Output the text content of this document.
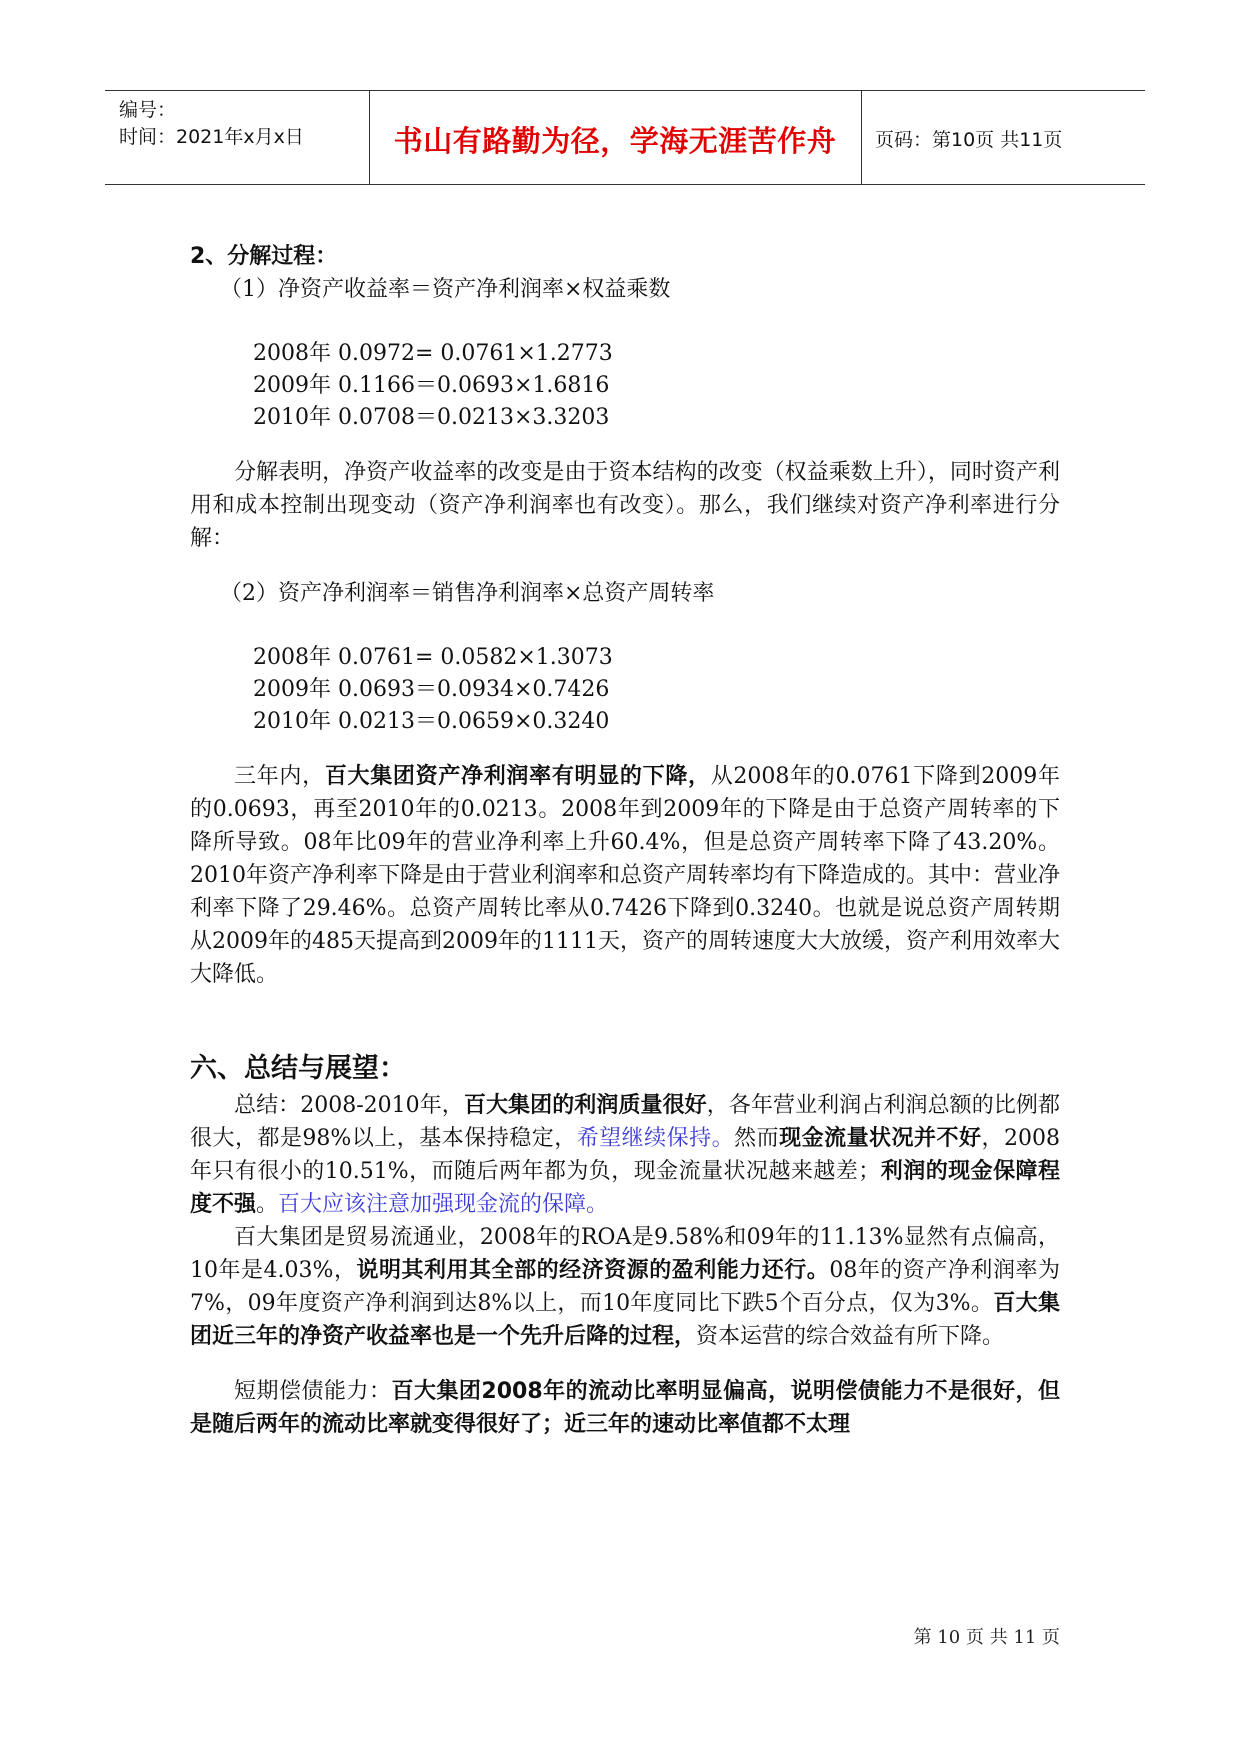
编号：
时间：2021年x月x日	书山有路勤为径，学海无涯苦作舟	页码：第10页 共11页

2、分解过程：

（1）净资产收益率＝资产净利润率×权益乘数

2008年 0.0972= 0.0761×1.2773

2009年 0.1166＝0.0693×1.6816

2010年 0.0708＝0.0213×3.3203

分解表明，净资产收益率的改变是由于资本结构的改变（权益乘数上升），同时资产利用和成本控制出现变动（资产净利润率也有改变）。那么，我们继续对资产净利率进行分解：

（2）资产净利润率＝销售净利润率×总资产周转率

2008年 0.0761= 0.0582×1.3073

2009年 0.0693＝0.0934×0.7426

2010年 0.0213＝0.0659×0.3240

三年内，百大集团资产净利润率有明显的下降，从2008年的0.0761下降到2009年的0.0693，再至2010年的0.0213。2008年到2009年的下降是由于总资产周转率的下降所导致。08年比09年的营业净利率上升60.4%，但是总资产周转率下降了43.20%。2010年资产净利率下降是由于营业利润率和总资产周转率均有下降造成的。其中：营业净利率下降了29.46%。总资产周转比率从0.7426下降到0.3240。也就是说总资产周转期从2009年的485天提高到2009年的1111天，资产的周转速度大大放缓，资产利用效率大大降低。

六、总结与展望：

总结：2008-2010年，百大集团的利润质量很好，各年营业利润占利润总额的比例都很大，都是98%以上，基本保持稳定，希望继续保持。然而现金流量状况并不好，2008年只有很小的10.51%，而随后两年都为负，现金流量状况越来越差；利润的现金保障程度不强。百大应该注意加强现金流的保障。

百大集团是贸易流通业，2008年的ROA是9.58%和09年的11.13%显然有点偏高，10年是4.03%，说明其利用其全部的经济资源的盈利能力还行。08年的资产净利润率为7%，09年度资产净利润到达8%以上，而10年度同比下跌5个百分点，仅为3%。百大集团近三年的净资产收益率也是一个先升后降的过程，资本运营的综合效益有所下降。

短期偿债能力：百大集团2008年的流动比率明显偏高，说明偿债能力不是很好，但是随后两年的流动比率就变得很好了；近三年的速动比率值都不太理

第 10 页 共 11 页
